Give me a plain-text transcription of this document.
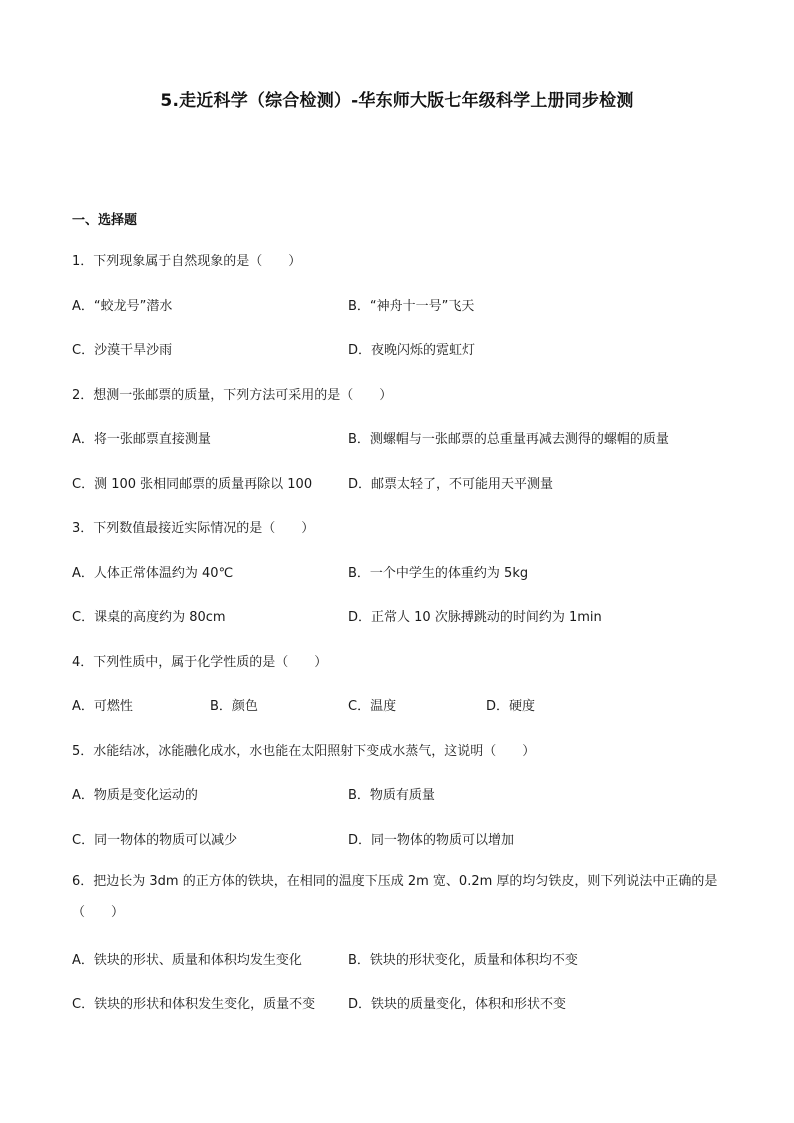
5.走近科学（综合检测）-华东师大版七年级科学上册同步检测
一、选择题
1．下列现象属于自然现象的是（　　）
A．“蛟龙号”潜水	B．“神舟十一号”飞天
C．沙漠干旱沙雨	D．夜晚闪烁的霓虹灯
2．想测一张邮票的质量，下列方法可采用的是（　　）
A．将一张邮票直接测量	B．测螺帽与一张邮票的总重量再减去测得的螺帽的质量
C．测 100 张相同邮票的质量再除以 100	D．邮票太轻了，不可能用天平测量
3．下列数值最接近实际情况的是（　　）
A．人体正常体温约为 40℃	B．一个中学生的体重约为 5kg
C．课桌的高度约为 80cm	D．正常人 10 次脉搏跳动的时间约为 1min
4．下列性质中，属于化学性质的是（　　）
A．可燃性	B．颜色	C．温度	D．硬度
5．水能结冰，冰能融化成水，水也能在太阳照射下变成水蒸气，这说明（　　）
A．物质是变化运动的	B．物质有质量
C．同一物体的物质可以减少	D．同一物体的物质可以增加
6．把边长为 3dm 的正方体的铁块，在相同的温度下压成 2m 宽、0.2m 厚的均匀铁皮，则下列说法中正确的是（　　）
A．铁块的形状、质量和体积均发生变化	B．铁块的形状变化，质量和体积均不变
C．铁块的形状和体积发生变化，质量不变	D．铁块的质量变化，体积和形状不变
